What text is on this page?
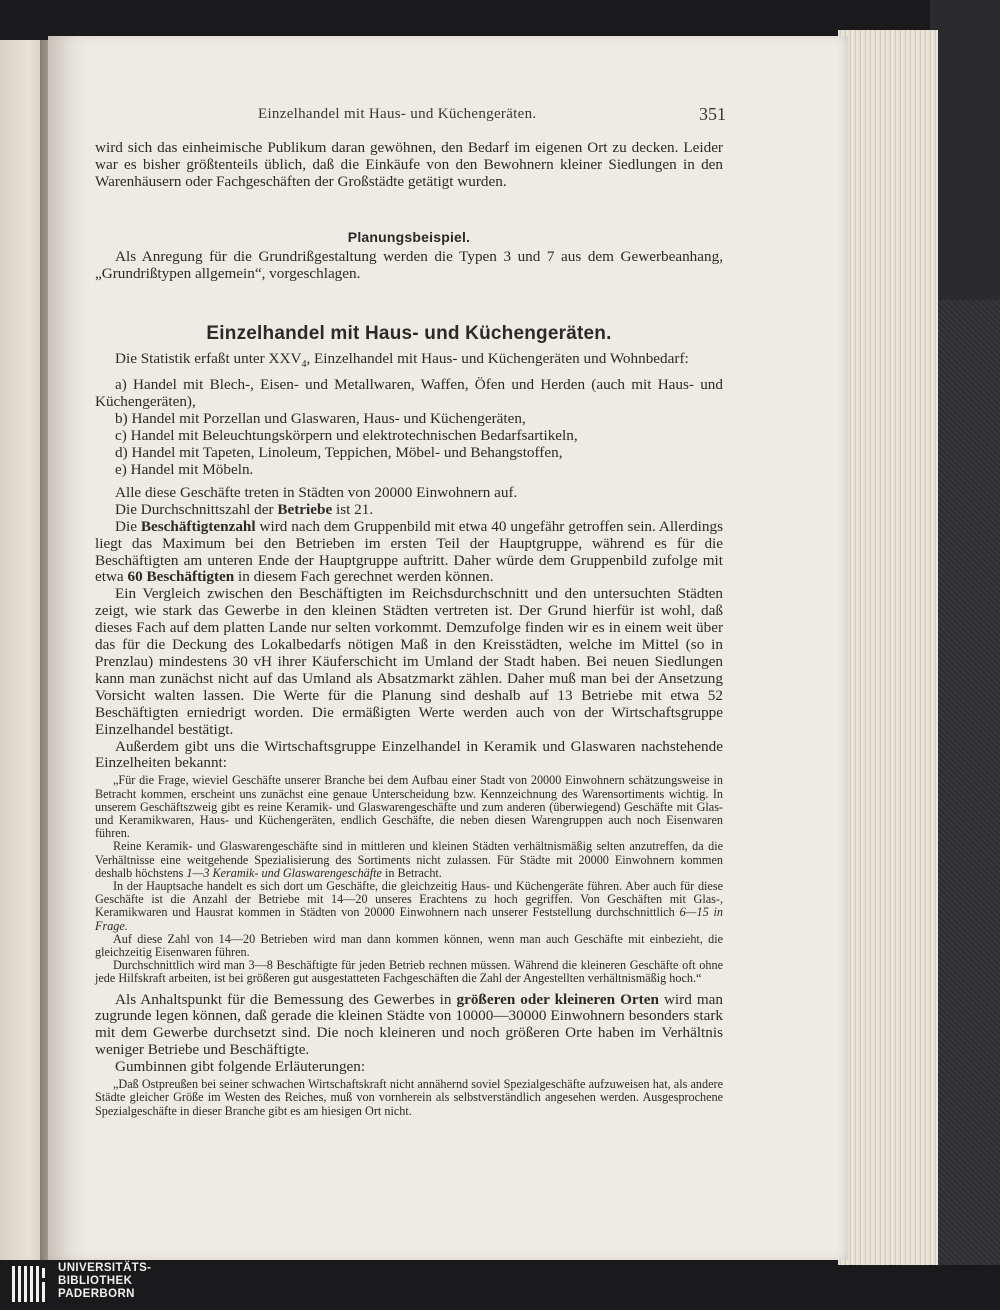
Einzelhandel mit Haus- und Küchengeräten.	351

wird sich das einheimische Publikum daran gewöhnen, den Bedarf im eigenen Ort zu decken. Leider war es bisher größtenteils üblich, daß die Einkäufe von den Bewohnern kleiner Siedlungen in den Warenhäusern oder Fachgeschäften der Großstädte getätigt wurden.

Planungsbeispiel.

Als Anregung für die Grundrißgestaltung werden die Typen 3 und 7 aus dem Gewerbeanhang, „Grundrißtypen allgemein“, vorgeschlagen.

Einzelhandel mit Haus- und Küchengeräten.

Die Statistik erfaßt unter $XXV_4$, Einzelhandel mit Haus- und Küchengeräten und Wohnbedarf:

a) Handel mit Blech-, Eisen- und Metallwaren, Waffen, Öfen und Herden (auch mit Haus- und Küchengeräten),

b) Handel mit Porzellan und Glaswaren, Haus- und Küchengeräten,

c) Handel mit Beleuchtungskörpern und elektrotechnischen Bedarfsartikeln,

d) Handel mit Tapeten, Linoleum, Teppichen, Möbel- und Behangstoffen,

e) Handel mit Möbeln.

Alle diese Geschäfte treten in Städten von 20000 Einwohnern auf.

Die Durchschnittszahl der Betriebe ist 21.

Die Beschäftigtenzahl wird nach dem Gruppenbild mit etwa 40 ungefähr getroffen sein. Allerdings liegt das Maximum bei den Betrieben im ersten Teil der Hauptgruppe, während es für die Beschäftigten am unteren Ende der Hauptgruppe auftritt. Daher würde dem Gruppenbild zufolge mit etwa 60 Beschäftigten in diesem Fach gerechnet werden können.

Ein Vergleich zwischen den Beschäftigten im Reichsdurchschnitt und den untersuchten Städten zeigt, wie stark das Gewerbe in den kleinen Städten vertreten ist. Der Grund hierfür ist wohl, daß dieses Fach auf dem platten Lande nur selten vorkommt. Demzufolge finden wir es in einem weit über das für die Deckung des Lokalbedarfs nötigen Maß in den Kreisstädten, welche im Mittel (so in Prenzlau) mindestens 30 vH ihrer Käuferschicht im Umland der Stadt haben. Bei neuen Siedlungen kann man zunächst nicht auf das Umland als Absatzmarkt zählen. Daher muß man bei der Ansetzung Vorsicht walten lassen. Die Werte für die Planung sind deshalb auf 13 Betriebe mit etwa 52 Beschäftigten erniedrigt worden. Die ermäßigten Werte werden auch von der Wirtschaftsgruppe Einzelhandel bestätigt.

Außerdem gibt uns die Wirtschaftsgruppe Einzelhandel in Keramik und Glaswaren nachstehende Einzelheiten bekannt:

„Für die Frage, wieviel Geschäfte unserer Branche bei dem Aufbau einer Stadt von 20000 Einwohnern schätzungsweise in Betracht kommen, erscheint uns zunächst eine genaue Unterscheidung bzw. Kennzeichnung des Warensortiments wichtig. In unserem Geschäftszweig gibt es reine Keramik- und Glaswarengeschäfte und zum anderen (überwiegend) Geschäfte mit Glas- und Keramikwaren, Haus- und Küchengeräten, endlich Geschäfte, die neben diesen Warengruppen auch noch Eisenwaren führen.

Reine Keramik- und Glaswarengeschäfte sind in mittleren und kleinen Städten verhältnismäßig selten anzutreffen, da die Verhältnisse eine weitgehende Spezialisierung des Sortiments nicht zulassen. Für Städte mit 20000 Einwohnern kommen deshalb höchstens 1—3 Keramik- und Glaswarengeschäfte in Betracht.

In der Hauptsache handelt es sich dort um Geschäfte, die gleichzeitig Haus- und Küchengeräte führen. Aber auch für diese Geschäfte ist die Anzahl der Betriebe mit 14—20 unseres Erachtens zu hoch gegriffen. Von Geschäften mit Glas-, Keramikwaren und Hausrat kommen in Städten von 20000 Einwohnern nach unserer Feststellung durchschnittlich 6—15 in Frage.

Auf diese Zahl von 14—20 Betrieben wird man dann kommen können, wenn man auch Geschäfte mit einbezieht, die gleichzeitig Eisenwaren führen.

Durchschnittlich wird man 3—8 Beschäftigte für jeden Betrieb rechnen müssen. Während die kleineren Geschäfte oft ohne jede Hilfskraft arbeiten, ist bei größeren gut ausgestatteten Fachgeschäften die Zahl der Angestellten verhältnismäßig hoch.“

Als Anhaltspunkt für die Bemessung des Gewerbes in größeren oder kleineren Orten wird man zugrunde legen können, daß gerade die kleinen Städte von 10000—30000 Einwohnern besonders stark mit dem Gewerbe durchsetzt sind. Die noch kleineren und noch größeren Orte haben im Verhältnis weniger Betriebe und Beschäftigte.

Gumbinnen gibt folgende Erläuterungen:

„Daß Ostpreußen bei seiner schwachen Wirtschaftskraft nicht annähernd soviel Spezialgeschäfte aufzuweisen hat, als andere Städte gleicher Größe im Westen des Reiches, muß von vornherein als selbstverständlich angesehen werden. Ausgesprochene Spezialgeschäfte in dieser Branche gibt es am hiesigen Ort nicht.

UNIVERSITÄTS-
BIBLIOTHEK
PADERBORN
